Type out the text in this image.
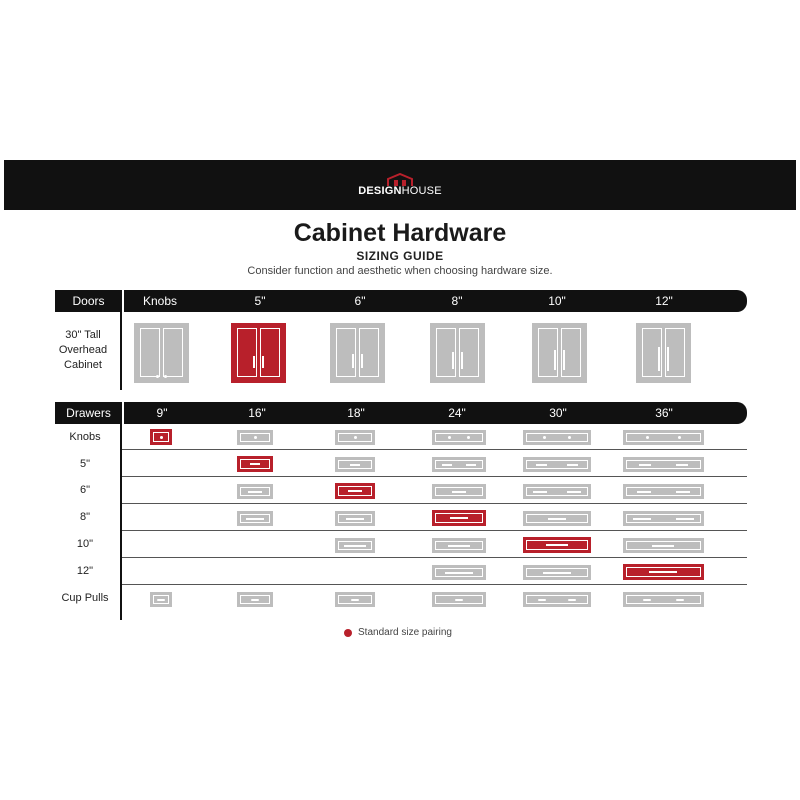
DESIGNHOUSE
Cabinet Hardware
SIZING GUIDE
Consider function and aesthetic when choosing hardware size.
Doors	Knobs	5"	6"	8"	10"	12"
30" Tall Overhead Cabinet
Drawers	9"	16"	18"	24"	30"	36"
Knobs
5"
6"
8"
10"
12"
Cup Pulls
Standard size pairing
